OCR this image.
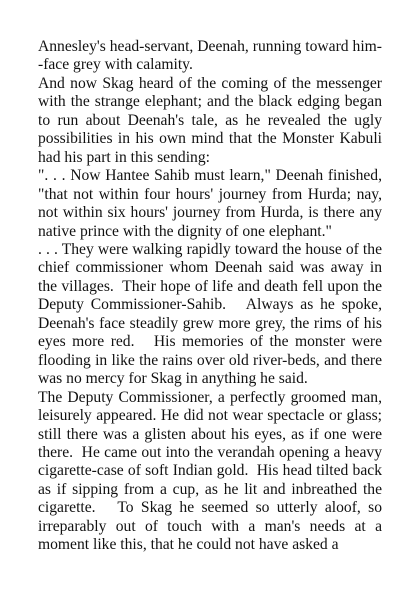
Annesley's head-servant, Deenah, running toward him--face grey with calamity.

And now Skag heard of the coming of the messenger with the strange elephant; and the black edging began to run about Deenah's tale, as he revealed the ugly possibilities in his own mind that the Monster Kabuli had his part in this sending:

". . . Now Hantee Sahib must learn," Deenah finished, "that not within four hours' journey from Hurda; nay, not within six hours' journey from Hurda, is there any native prince with the dignity of one elephant."

. . . They were walking rapidly toward the house of the chief commissioner whom Deenah said was away in the villages.  Their hope of life and death fell upon the Deputy Commissioner-Sahib.   Always as he spoke, Deenah's face steadily grew more grey, the rims of his eyes more red.   His memories of the monster were flooding in like the rains over old river-beds, and there was no mercy for Skag in anything he said.

The Deputy Commissioner, a perfectly groomed man, leisurely appeared. He did not wear spectacle or glass; still there was a glisten about his eyes, as if one were there.  He came out into the verandah opening a heavy cigarette-case of soft Indian gold.  His head tilted back as if sipping from a cup, as he lit and inbreathed the cigarette.   To Skag he seemed so utterly aloof, so irreparably out of touch with a man's needs at a moment like this, that he could not have asked a
